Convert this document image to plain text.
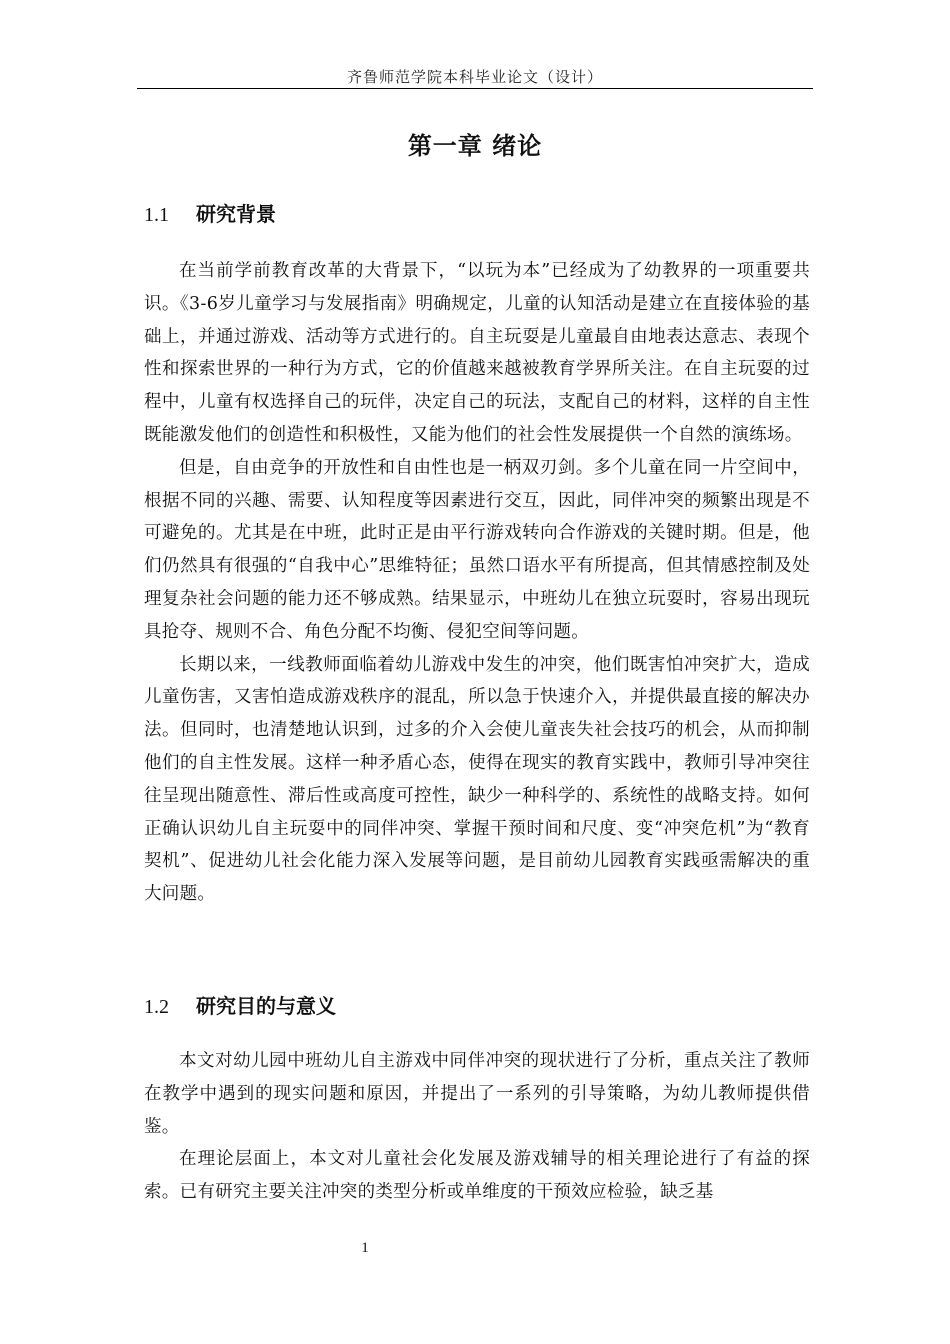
齐鲁师范学院本科毕业论文（设计）
第一章 绪论
1.1 研究背景

在当前学前教育改革的大背景下，“以玩为本”已经成为了幼教界的一项重要共识。《3-6岁儿童学习与发展指南》明确规定，儿童的认知活动是建立在直接体验的基础上，并通过游戏、活动等方式进行的。自主玩耍是儿童最自由地表达意志、表现个性和探索世界的一种行为方式，它的价值越来越被教育学界所关注。在自主玩耍的过程中，儿童有权选择自己的玩伴，决定自己的玩法，支配自己的材料，这样的自主性既能激发他们的创造性和积极性，又能为他们的社会性发展提供一个自然的演练场。

但是，自由竞争的开放性和自由性也是一柄双刃剑。多个儿童在同一片空间中，根据不同的兴趣、需要、认知程度等因素进行交互，因此，同伴冲突的频繁出现是不可避免的。尤其是在中班，此时正是由平行游戏转向合作游戏的关键时期。但是，他们仍然具有很强的“自我中心”思维特征；虽然口语水平有所提高，但其情感控制及处理复杂社会问题的能力还不够成熟。结果显示，中班幼儿在独立玩耍时，容易出现玩具抢夺、规则不合、角色分配不均衡、侵犯空间等问题。

长期以来，一线教师面临着幼儿游戏中发生的冲突，他们既害怕冲突扩大，造成儿童伤害，又害怕造成游戏秩序的混乱，所以急于快速介入，并提供最直接的解决办法。但同时，也清楚地认识到，过多的介入会使儿童丧失社会技巧的机会，从而抑制他们的自主性发展。这样一种矛盾心态，使得在现实的教育实践中，教师引导冲突往往呈现出随意性、滞后性或高度可控性，缺少一种科学的、系统性的战略支持。如何正确认识幼儿自主玩耍中的同伴冲突、掌握干预时间和尺度、变“冲突危机”为“教育契机”、促进幼儿社会化能力深入发展等问题，是目前幼儿园教育实践亟需解决的重大问题。

1.2 研究目的与意义

本文对幼儿园中班幼儿自主游戏中同伴冲突的现状进行了分析，重点关注了教师在教学中遇到的现实问题和原因，并提出了一系列的引导策略，为幼儿教师提供借鉴。

在理论层面上，本文对儿童社会化发展及游戏辅导的相关理论进行了有益的探索。已有研究主要关注冲突的类型分析或单维度的干预效应检验，缺乏基

1
